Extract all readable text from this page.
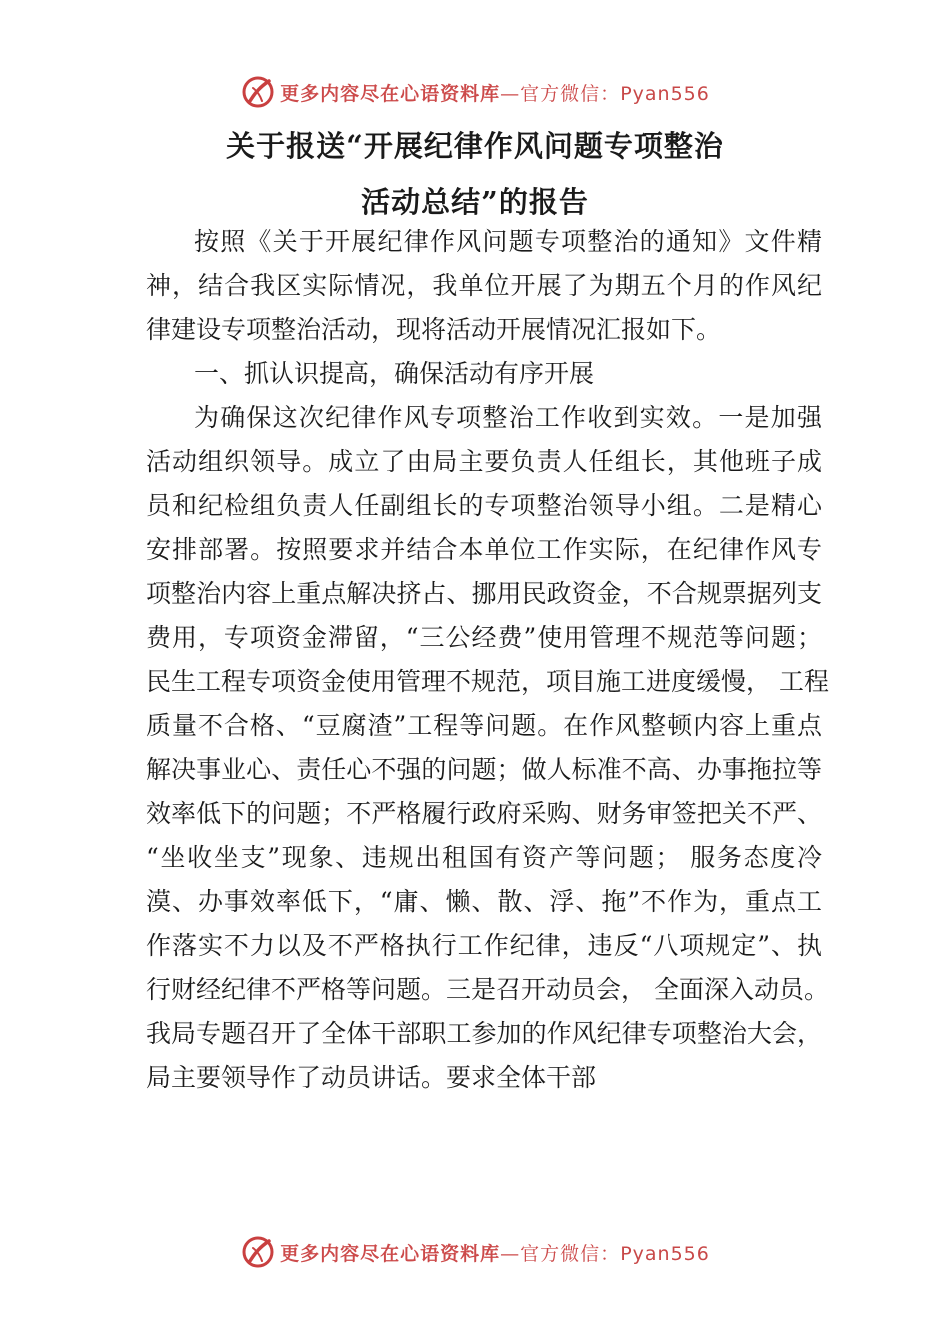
更多内容尽在心语资料库—官方微信：Pyan556
关于报送“开展纪律作风问题专项整治
活动总结”的报告
按照《关于开展纪律作风问题专项整治的通知》文件精
神，结合我区实际情况，我单位开展了为期五个月的作风纪
律建设专项整治活动，现将活动开展情况汇报如下。
一、抓认识提高，确保活动有序开展
为确保这次纪律作风专项整治工作收到实效。一是加强
活动组织领导。成立了由局主要负责人任组长，其他班子成
员和纪检组负责人任副组长的专项整治领导小组。二是精心
安排部署。按照要求并结合本单位工作实际，在纪律作风专
项整治内容上重点解决挤占、挪用民政资金，不合规票据列支
费用，专项资金滞留，“三公经费”使用管理不规范等问题；
民生工程专项资金使用管理不规范，项目施工进度缓慢， 工程
质量不合格、“豆腐渣”工程等问题。在作风整顿内容上重点
解决事业心、责任心不强的问题；做人标准不高、办事拖拉等
效率低下的问题；不严格履行政府采购、财务审签把关不严、
“坐收坐支”现象、违规出租国有资产等问题； 服务态度冷
漠、办事效率低下，“庸、懒、散、浮、拖”不作为，重点工
作落实不力以及不严格执行工作纪律，违反“八项规定”、执
行财经纪律不严格等问题。三是召开动员会， 全面深入动员。
我局专题召开了全体干部职工参加的作风纪律专项整治大会，
局主要领导作了动员讲话。要求全体干部
更多内容尽在心语资料库—官方微信：Pyan556
